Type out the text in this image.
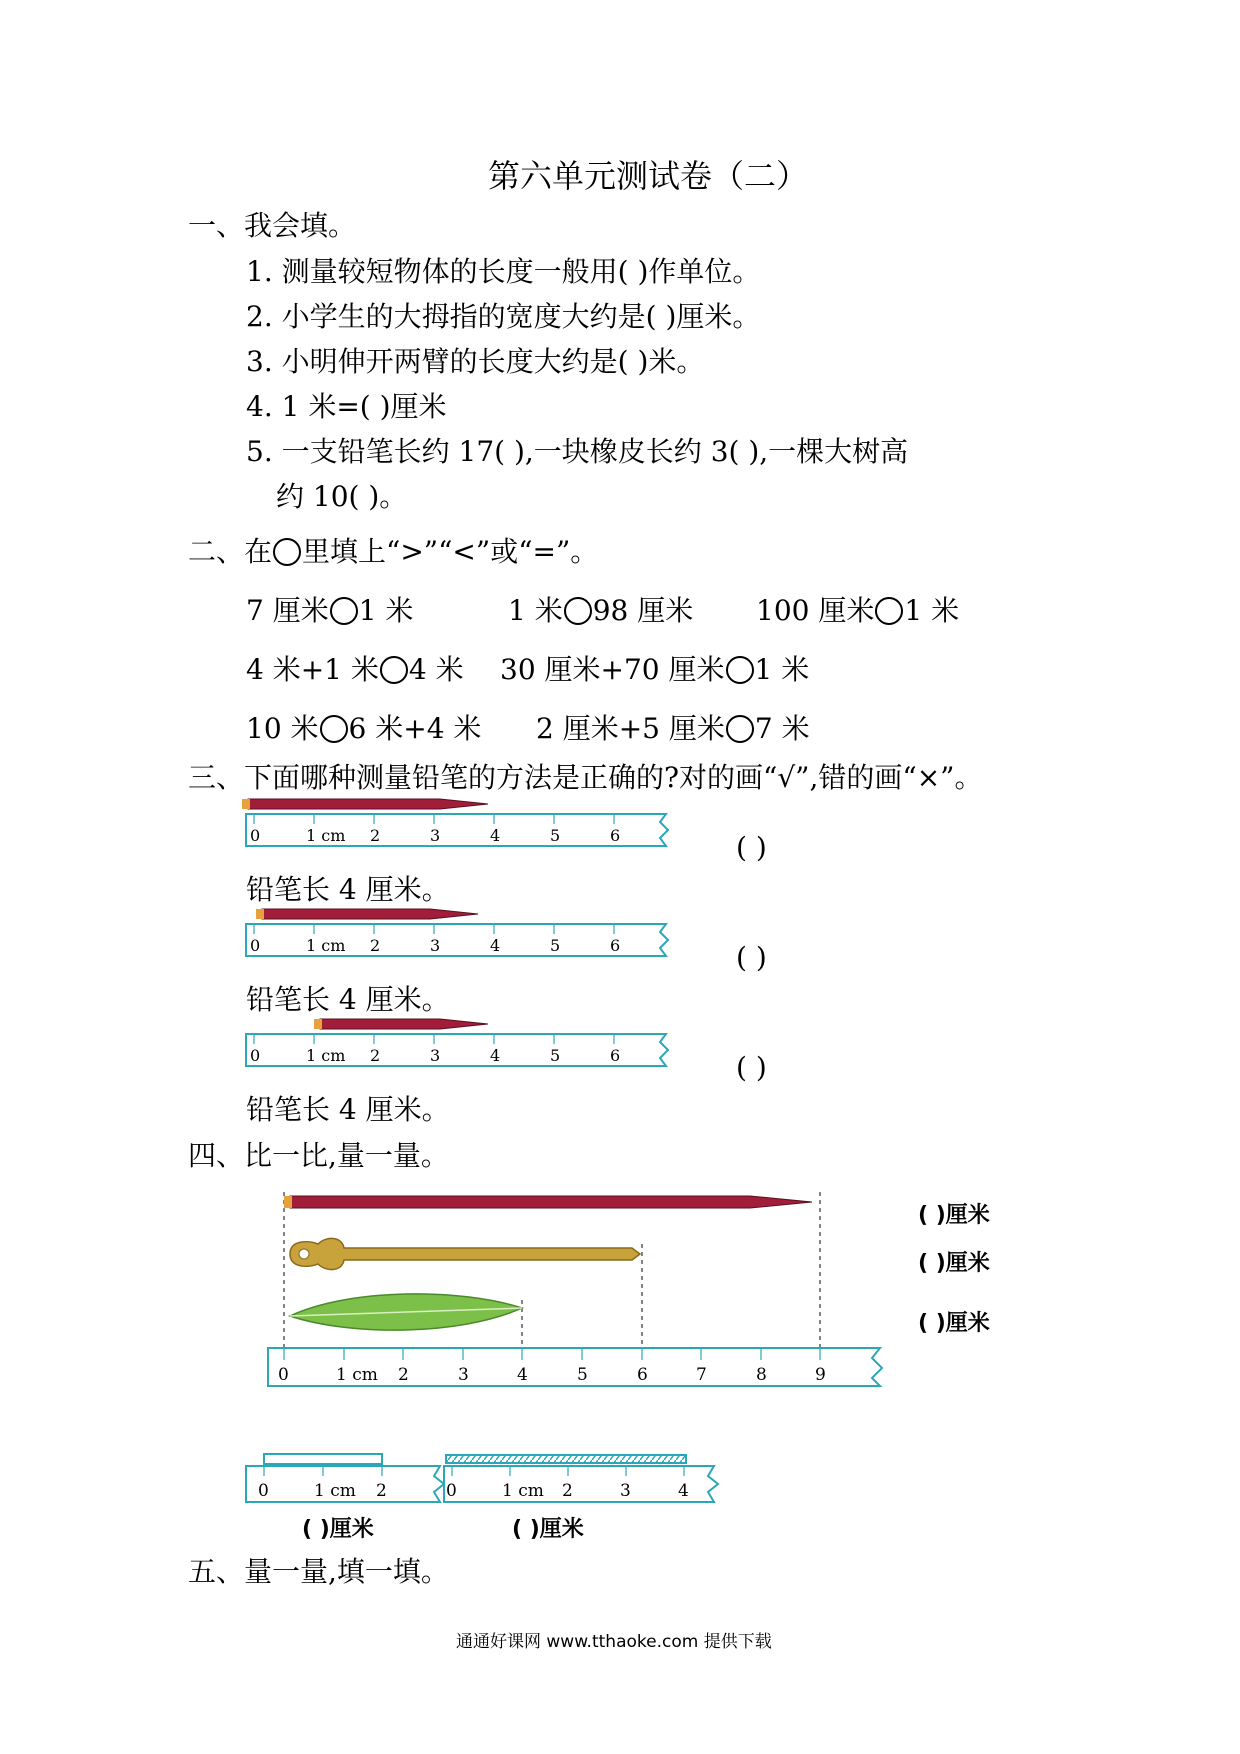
第六单元测试卷（二）
一、我会填。
1. 测量较短物体的长度一般用( )作单位。
2. 小学生的大拇指的宽度大约是( )厘米。
3. 小明伸开两臂的长度大约是( )米。
4. 1 米=( )厘米
5. 一支铅笔长约 17( ),一块橡皮长约 3( ),一棵大树高
约 10( )。
二、在 里填上“>”“<”或“=”。
7 厘米 1 米	1 米 98 厘米 100 厘米 1 米
4 米+1 米 4 米 30 厘米+70 厘米 1 米
10 米 6 米+4 米 2 厘米+5 厘米 7 米
三、下面哪种测量铅笔的方法是正确的?对的画“√”,错的画“×”。
0	1 cm 2	3	4	5	6	( )
铅笔长 4 厘米。
0	1 cm 2	3	4	5	6	( )
铅笔长 4 厘米。
0	1 cm 2	3	4	5	6	( )
铅笔长 4 厘米。
四、比一比,量一量。
0	1 cm 2	3	4	5	6	7	8	9
( )厘米
( )厘米
( )厘米
0	1 cm 2	0	1 cm 2	3	4
( )厘米	( )厘米
五、量一量,填一填。
通通好课网 www.tthaoke.com 提供下载
